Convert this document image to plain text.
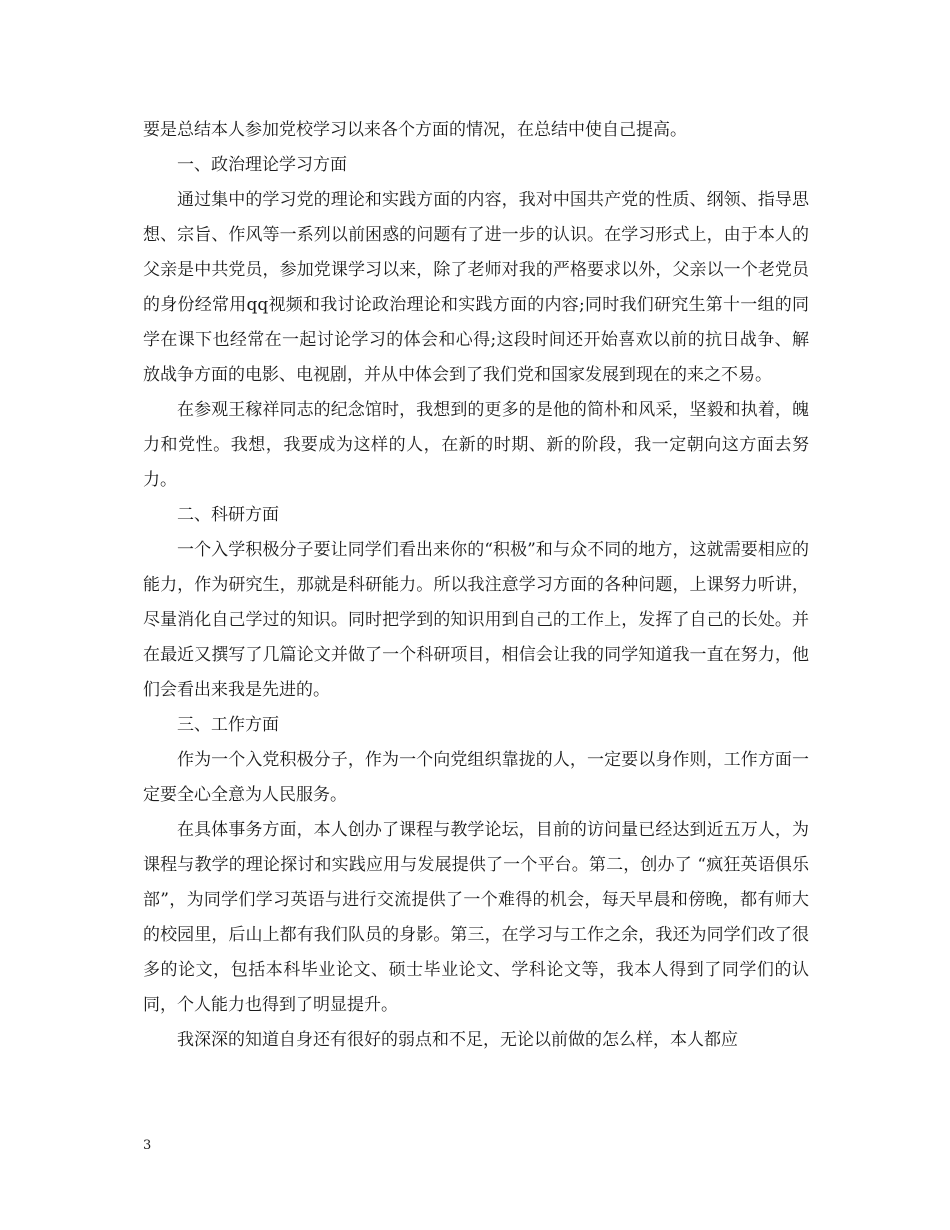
要是总结本人参加党校学习以来各个方面的情况，在总结中使自己提高。

一、政治理论学习方面

通过集中的学习党的理论和实践方面的内容，我对中国共产党的性质、纲领、指导思想、宗旨、作风等一系列以前困惑的问题有了进一步的认识。在学习形式上，由于本人的父亲是中共党员，参加党课学习以来，除了老师对我的严格要求以外，父亲以一个老党员的身份经常用qq视频和我讨论政治理论和实践方面的内容;同时我们研究生第十一组的同学在课下也经常在一起讨论学习的体会和心得;这段时间还开始喜欢以前的抗日战争、解放战争方面的电影、电视剧，并从中体会到了我们党和国家发展到现在的来之不易。

在参观王稼祥同志的纪念馆时，我想到的更多的是他的简朴和风采，坚毅和执着，魄力和党性。我想，我要成为这样的人，在新的时期、新的阶段，我一定朝向这方面去努力。

二、科研方面

一个入学积极分子要让同学们看出来你的“积极”和与众不同的地方，这就需要相应的能力，作为研究生，那就是科研能力。所以我注意学习方面的各种问题，上课努力听讲，尽量消化自己学过的知识。同时把学到的知识用到自己的工作上，发挥了自己的长处。并在最近又撰写了几篇论文并做了一个科研项目，相信会让我的同学知道我一直在努力，他们会看出来我是先进的。

三、工作方面

作为一个入党积极分子，作为一个向党组织靠拢的人，一定要以身作则，工作方面一定要全心全意为人民服务。

在具体事务方面，本人创办了课程与教学论坛，目前的访问量已经达到近五万人，为课程与教学的理论探讨和实践应用与发展提供了一个平台。第二，创办了 “疯狂英语俱乐部”，为同学们学习英语与进行交流提供了一个难得的机会，每天早晨和傍晚，都有师大的校园里，后山上都有我们队员的身影。第三，在学习与工作之余，我还为同学们改了很多的论文，包括本科毕业论文、硕士毕业论文、学科论文等，我本人得到了同学们的认同，个人能力也得到了明显提升。

我深深的知道自身还有很好的弱点和不足，无论以前做的怎么样，本人都应

3
